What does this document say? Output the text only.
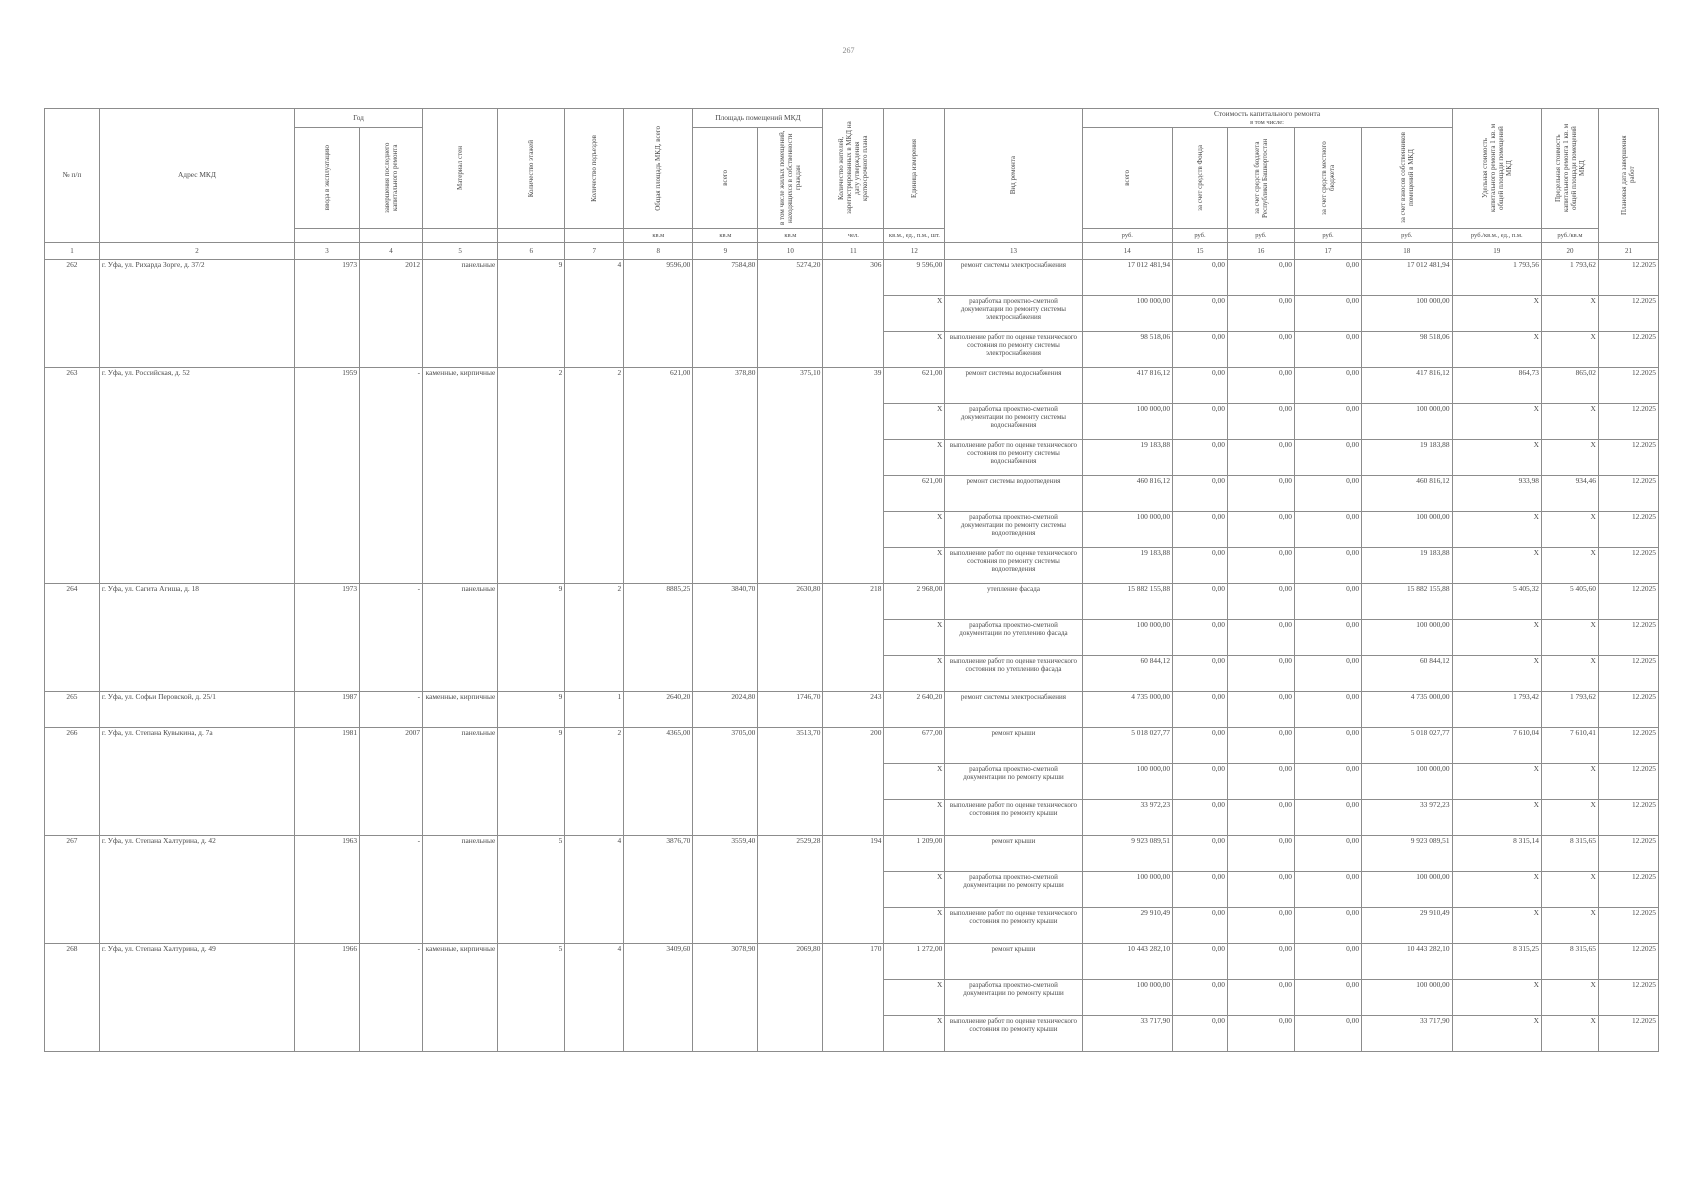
267
№ п/п	Адрес МКД	Год		Материал стен	Количество этажей	Количество подъездов	Общая площадь МКД, всего	Площадь помещений МКД		Количество жителей, зарегистрированных в МКД на дату утверждения краткосрочного плана	Единица измерения	Вид ремонта	Стоимость капитального ремонта
в том числе:					Удельная стоимость капитального ремонта 1 кв. м общей площади помещений МКД	Предельная стоимость капитального ремонта 1 кв. м общей площади помещений МКД	Плановая дата завершения работ

		ввода в эксплуатацию	завершения последнего капитального ремонта					всего	в том числе жилых помещений, находящихся в собственности граждан				всего	за счет средств Фонда	за счет средств бюджета Республики Башкортостан	за счет средств местного бюджета	за счет взносов собственников помещений в МКД			

							кв.м	кв.м	кв.м	чел.	кв.м., ед., п.м., шт.		руб.	руб.	руб.	руб.	руб.	руб./кв.м., ед., п.м.	руб./кв.м	
1	2	3	4	5	6	7	8	9	10	11	12	13	14	15	16	17	18	19	20	21
262	г. Уфа, ул. Рихарда Зорге, д. 37/2	1973	2012	панельные	9	4	9596,00	7584,80	5274,20	306	9 596,00	ремонт системы электроснабжения	17 012 481,94	0,00	0,00	0,00	17 012 481,94	1 793,56	1 793,62	12.2025
											X	разработка проектно-сметной документации по ремонту системы электроснабжения	100 000,00	0,00	0,00	0,00	100 000,00	X	X	12.2025
											X	выполнение работ по оценке технического состояния по ремонту системы электроснабжения	98 518,06	0,00	0,00	0,00	98 518,06	X	X	12.2025
263	г. Уфа, ул. Российская, д. 52	1959	-	каменные, кирпичные	2	2	621,00	378,80	375,10	39	621,00	ремонт системы водоснабжения	417 816,12	0,00	0,00	0,00	417 816,12	864,73	865,02	12.2025
											X	разработка проектно-сметной документации по ремонту системы водоснабжения	100 000,00	0,00	0,00	0,00	100 000,00	X	X	12.2025
											X	выполнение работ по оценке технического состояния по ремонту системы водоснабжения	19 183,88	0,00	0,00	0,00	19 183,88	X	X	12.2025
											621,00	ремонт системы водоотведения	460 816,12	0,00	0,00	0,00	460 816,12	933,98	934,46	12.2025
											X	разработка проектно-сметной документации по ремонту системы водоотведения	100 000,00	0,00	0,00	0,00	100 000,00	X	X	12.2025
											X	выполнение работ по оценке технического состояния по ремонту системы водоотведения	19 183,88	0,00	0,00	0,00	19 183,88	X	X	12.2025
264	г. Уфа, ул. Сагита Агиша, д. 18	1973	-	панельные	9	2	8885,25	3840,70	2630,80	218	2 968,00	утепление фасада	15 882 155,88	0,00	0,00	0,00	15 882 155,88	5 405,32	5 405,60	12.2025
											X	разработка проектно-сметной документации по утеплению фасада	100 000,00	0,00	0,00	0,00	100 000,00	X	X	12.2025
											X	выполнение работ по оценке технического состояния по утеплению фасада	60 844,12	0,00	0,00	0,00	60 844,12	X	X	12.2025
265	г. Уфа, ул. Софьи Перовской, д. 25/1	1987	-	каменные, кирпичные	9	1	2640,20	2024,80	1746,70	243	2 640,20	ремонт системы электроснабжения	4 735 000,00	0,00	0,00	0,00	4 735 000,00	1 793,42	1 793,62	12.2025
266	г. Уфа, ул. Степана Кувыкина, д. 7а	1981	2007	панельные	9	2	4365,00	3705,00	3513,70	200	677,00	ремонт крыши	5 018 027,77	0,00	0,00	0,00	5 018 027,77	7 610,04	7 610,41	12.2025
											X	разработка проектно-сметной документации по ремонту крыши	100 000,00	0,00	0,00	0,00	100 000,00	X	X	12.2025
											X	выполнение работ по оценке технического состояния по ремонту крыши	33 972,23	0,00	0,00	0,00	33 972,23	X	X	12.2025
267	г. Уфа, ул. Степана Халтурина, д. 42	1963	-	панельные	5	4	3876,70	3559,40	2529,28	194	1 209,00	ремонт крыши	9 923 089,51	0,00	0,00	0,00	9 923 089,51	8 315,14	8 315,65	12.2025
											X	разработка проектно-сметной документации по ремонту крыши	100 000,00	0,00	0,00	0,00	100 000,00	X	X	12.2025
											X	выполнение работ по оценке технического состояния по ремонту крыши	29 910,49	0,00	0,00	0,00	29 910,49	X	X	12.2025
268	г. Уфа, ул. Степана Халтурина, д. 49	1966	-	каменные, кирпичные	5	4	3409,60	3078,90	2069,80	170	1 272,00	ремонт крыши	10 443 282,10	0,00	0,00	0,00	10 443 282,10	8 315,25	8 315,65	12.2025
											X	разработка проектно-сметной документации по ремонту крыши	100 000,00	0,00	0,00	0,00	100 000,00	X	X	12.2025
											X	выполнение работ по оценке технического состояния по ремонту крыши	33 717,90	0,00	0,00	0,00	33 717,90	X	X	12.2025
